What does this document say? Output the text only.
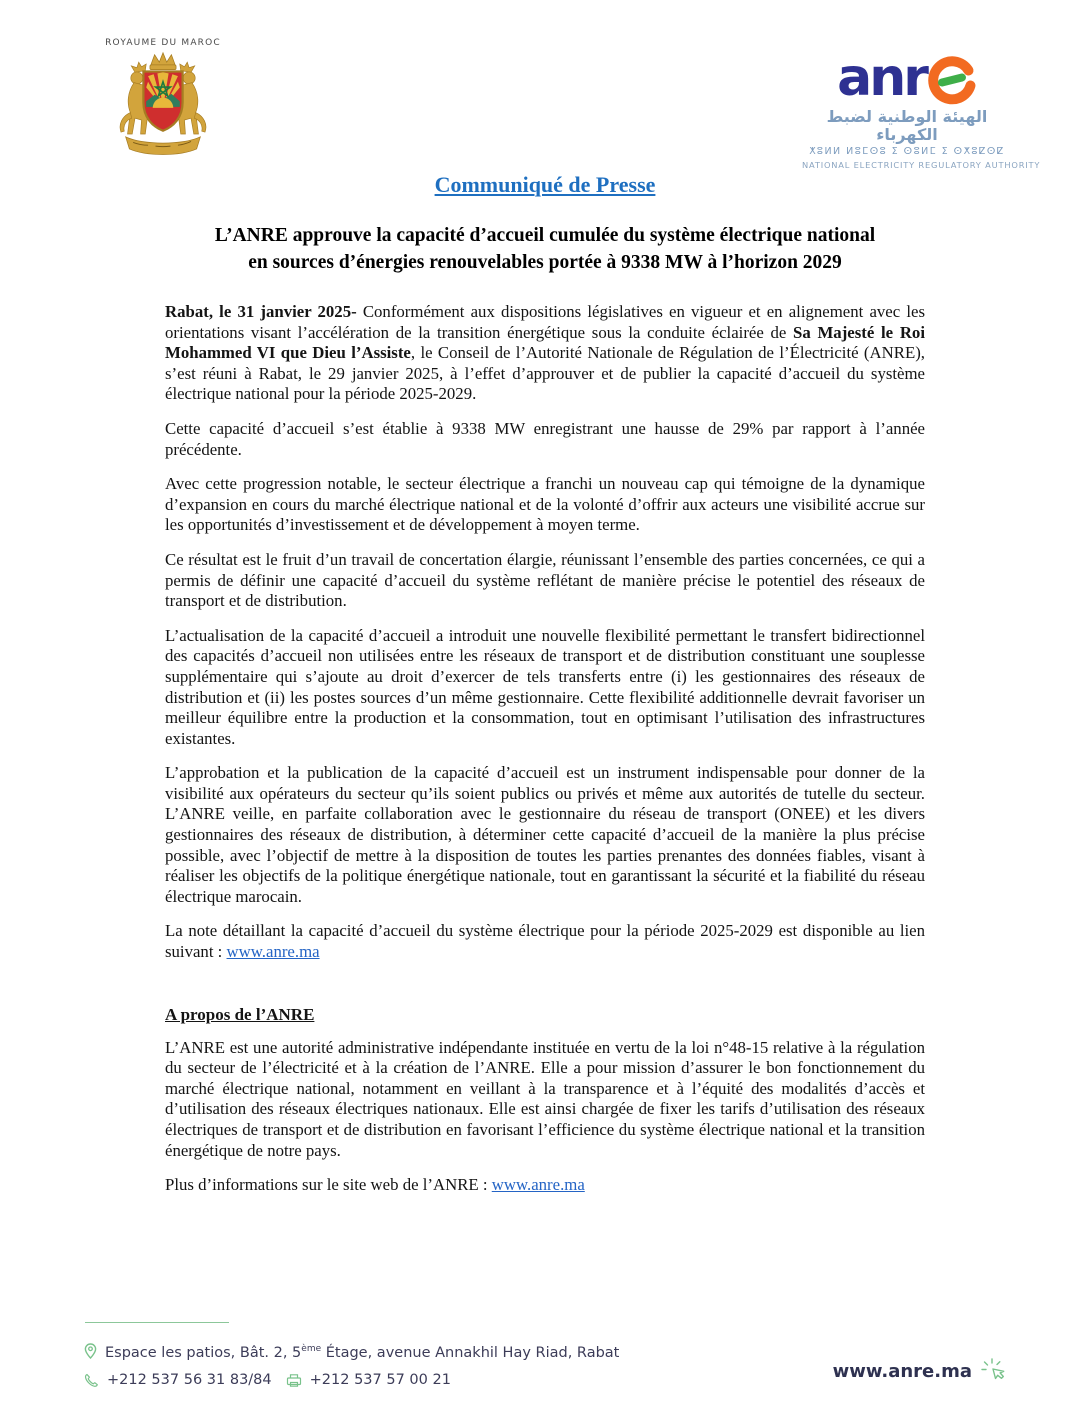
ROYAUME DU MAROC
anr
الهيئة الوطنية لضبط الكهرباء
ⵅⵓⵍⵍ ⵍⵓⵎⵙⵓ ⵉ ⵙⵓⵍⵎ ⵉ ⵙⵅⵓⵇⵙⵇ
NATIONAL ELECTRICITY REGULATORY AUTHORITY
Communiqué de Presse
L’ANRE approuve la capacité d’accueil cumulée du système électrique national
en sources d’énergies renouvelables portée à 9338 MW à l’horizon 2029

Rabat, le 31 janvier 2025- Conformément aux dispositions législatives en vigueur et en alignement avec les orientations visant l’accélération de la transition énergétique sous la conduite éclairée de Sa Majesté le Roi Mohammed VI que Dieu l’Assiste, le Conseil de l’Autorité Nationale de Régulation de l’Électricité (ANRE), s’est réuni à Rabat, le 29 janvier 2025, à l’effet d’approuver et de publier la capacité d’accueil du système électrique national pour la période 2025-2029.

Cette capacité d’accueil s’est établie à 9338 MW enregistrant une hausse de 29% par rapport à l’année précédente.

Avec cette progression notable, le secteur électrique a franchi un nouveau cap qui témoigne de la dynamique d’expansion en cours du marché électrique national et de la volonté d’offrir aux acteurs une visibilité accrue sur les opportunités d’investissement et de développement à moyen terme.

Ce résultat est le fruit d’un travail de concertation élargie, réunissant l’ensemble des parties concernées, ce qui a permis de définir une capacité d’accueil du système reflétant de manière précise le potentiel des réseaux de transport et de distribution.

L’actualisation de la capacité d’accueil a introduit une nouvelle flexibilité permettant le transfert bidirectionnel des capacités d’accueil non utilisées entre les réseaux de transport et de distribution constituant une souplesse supplémentaire qui s’ajoute au droit d’exercer de tels transferts entre (i) les gestionnaires des réseaux de distribution et (ii) les postes sources d’un même gestionnaire. Cette flexibilité additionnelle devrait favoriser un meilleur équilibre entre la production et la consommation, tout en optimisant l’utilisation des infrastructures existantes.

L’approbation et la publication de la capacité d’accueil est un instrument indispensable pour donner de la visibilité aux opérateurs du secteur qu’ils soient publics ou privés et même aux autorités de tutelle du secteur. L’ANRE veille, en parfaite collaboration avec le gestionnaire du réseau de transport (ONEE) et les divers gestionnaires des réseaux de distribution, à déterminer cette capacité d’accueil de la manière la plus précise possible, avec l’objectif de mettre à la disposition de toutes les parties prenantes des données fiables, visant à réaliser les objectifs de la politique énergétique nationale, tout en garantissant la sécurité et la fiabilité du réseau électrique marocain.

La note détaillant la capacité d’accueil du système électrique pour la période 2025-2029 est disponible au lien suivant : www.anre.ma

A propos de l’ANRE

L’ANRE est une autorité administrative indépendante instituée en vertu de la loi n°48-15 relative à la régulation du secteur de l’électricité et à la création de l’ANRE. Elle a pour mission d’assurer le bon fonctionnement du marché électrique national, notamment en veillant à la transparence et à l’équité des modalités d’accès et d’utilisation des réseaux électriques nationaux. Elle est ainsi chargée de fixer les tarifs d’utilisation des réseaux électriques de transport et de distribution en favorisant l’efficience du système électrique national et la transition énergétique de notre pays.

Plus d’informations sur le site web de l’ANRE : www.anre.ma

Espace les patios, Bât. 2, 5ème Étage, avenue Annakhil Hay Riad, Rabat
+212 537 56 31 83/84	+212 537 57 00 21	www.anre.ma
